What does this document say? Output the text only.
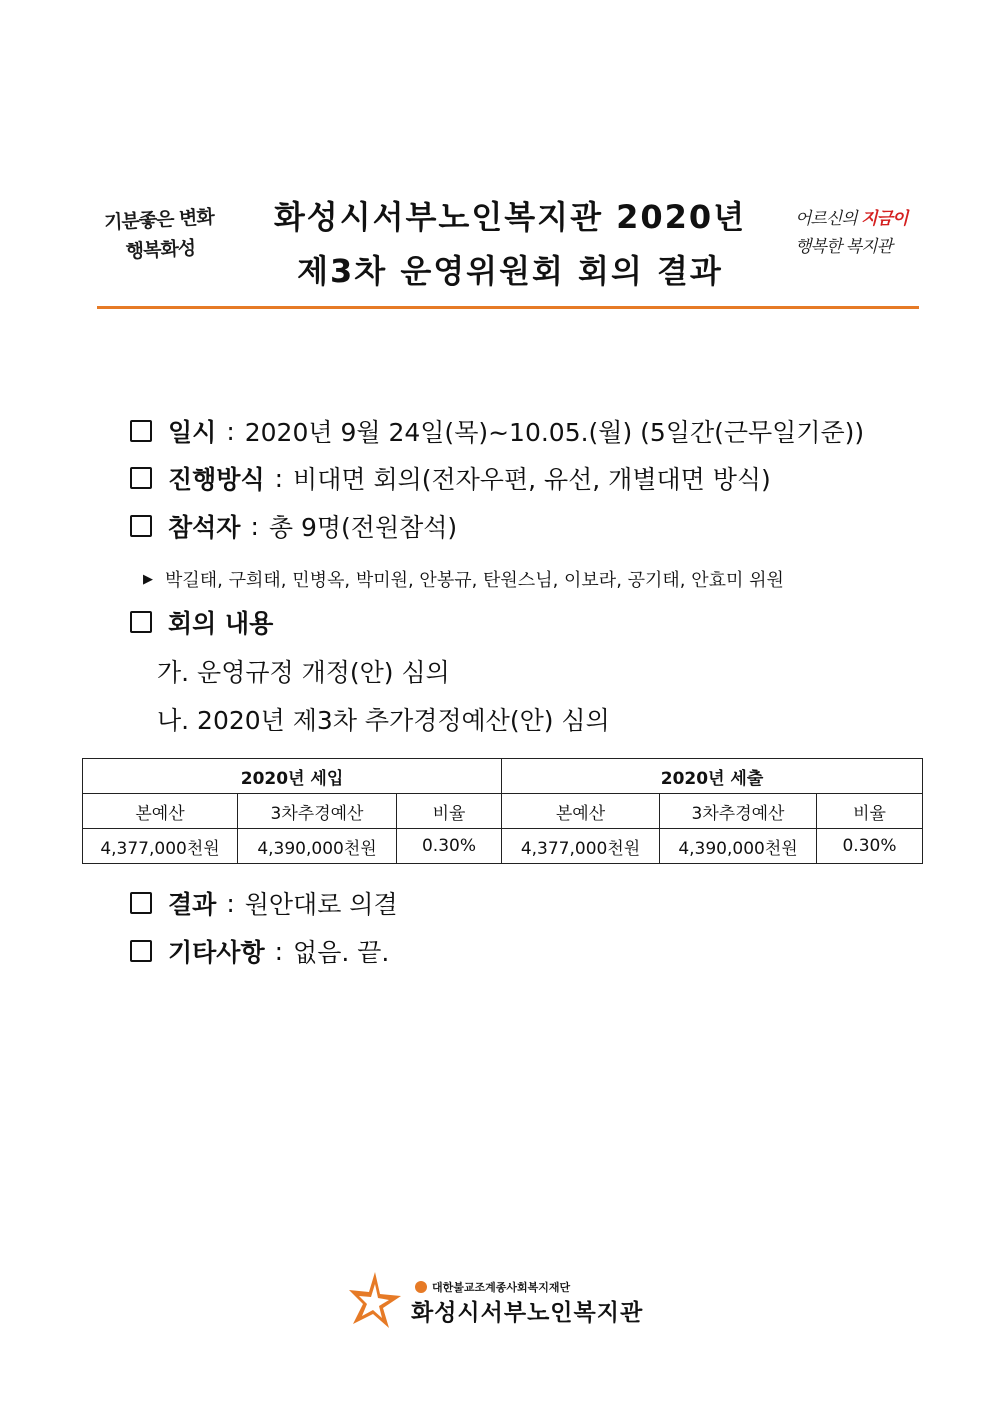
기분좋은 변화
행복화성
화성시서부노인복지관 2020년
제3차 운영위원회 회의 결과
어르신의 지금이
행복한 복지관
일시 : 2020년 9월 24일(목)~10.05.(월) (5일간(근무일기준))
진행방식 : 비대면 회의(전자우편, 유선, 개별대면 방식)
참석자 : 총 9명(전원참석)
▶ 박길태, 구희태, 민병옥, 박미원, 안봉규, 탄원스님, 이보라, 공기태, 안효미 위원
회의 내용
가. 운영규정 개정(안) 심의
나. 2020년 제3차 추가경정예산(안) 심의
2020년 세입			2020년 세출		
본예산	3차추경예산	비율	본예산	3차추경예산	비율
4,377,000천원	4,390,000천원	0.30%	4,377,000천원	4,390,000천원	0.30%
결과 : 원안대로 의결
기타사항 : 없음. 끝.
대한불교조계종사회복지재단
화성시서부노인복지관
